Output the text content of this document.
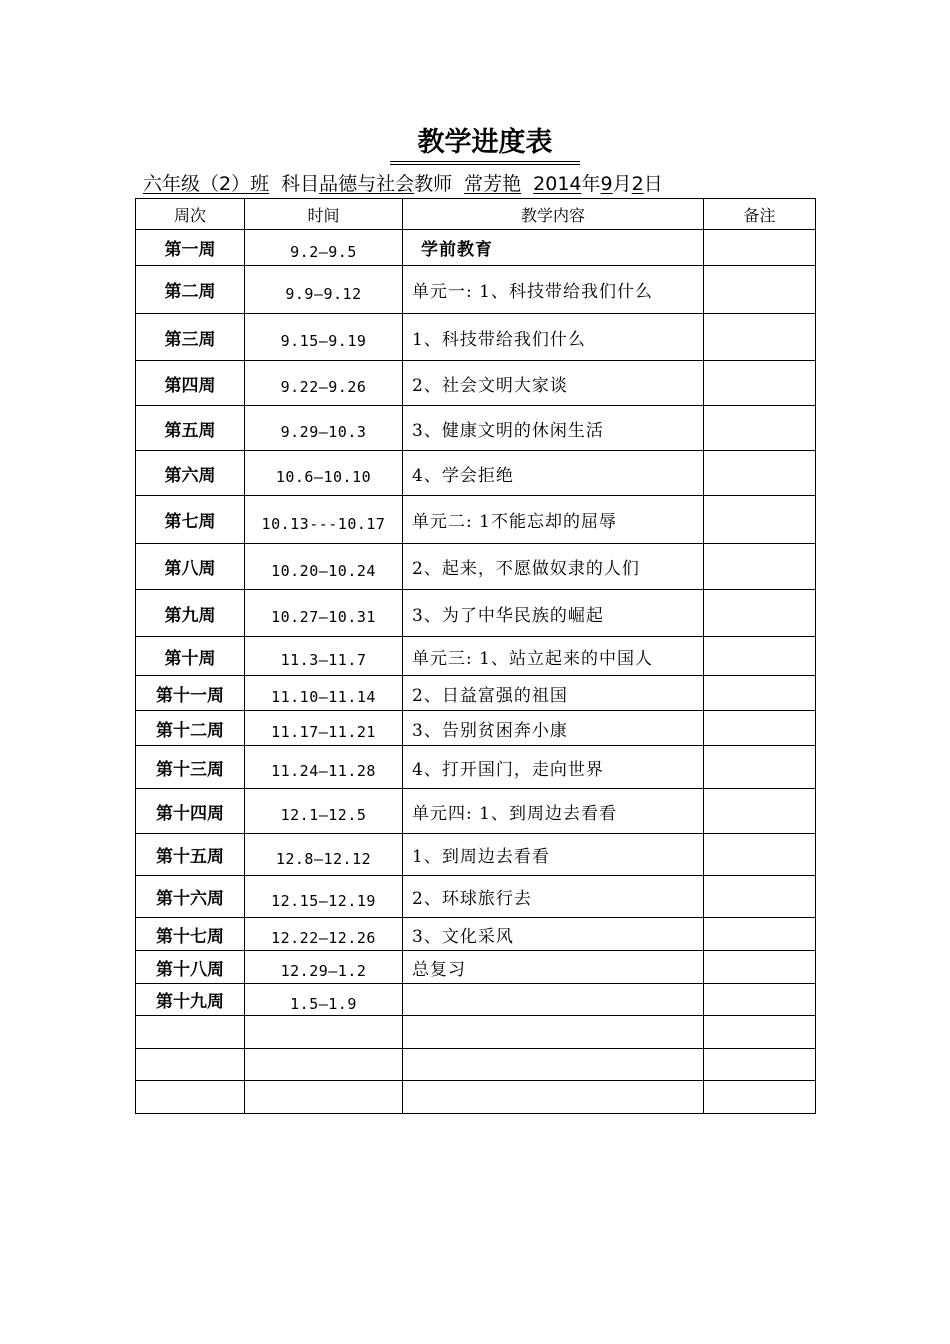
教学进度表
六年级（2）班 科目品德与社会教师 常芳艳 2014年9月2日
周次	时间	教学内容	备注
第一周	9.2—9.5	学前教育	
第二周	9.9—9.12	单元一: 1、科技带给我们什么	
第三周	9.15—9.19	1、科技带给我们什么	
第四周	9.22—9.26	2、社会文明大家谈	
第五周	9.29—10.3	3、健康文明的休闲生活	
第六周	10.6—10.10	4、学会拒绝	
第七周	10.13---10.17	单元二: 1不能忘却的屈辱	
第八周	10.20—10.24	2、起来，不愿做奴隶的人们	
第九周	10.27—10.31	3、为了中华民族的崛起	
第十周	11.3—11.7	单元三: 1、站立起来的中国人	
第十一周	11.10—11.14	2、日益富强的祖国	
第十二周	11.17—11.21	3、告别贫困奔小康	
第十三周	11.24—11.28	4、打开国门，走向世界	
第十四周	12.1—12.5	单元四: 1、到周边去看看	
第十五周	12.8—12.12	1、到周边去看看	
第十六周	12.15—12.19	2、环球旅行去	
第十七周	12.22—12.26	3、文化采风	
第十八周	12.29—1.2	总复习	
第十九周	1.5—1.9		
